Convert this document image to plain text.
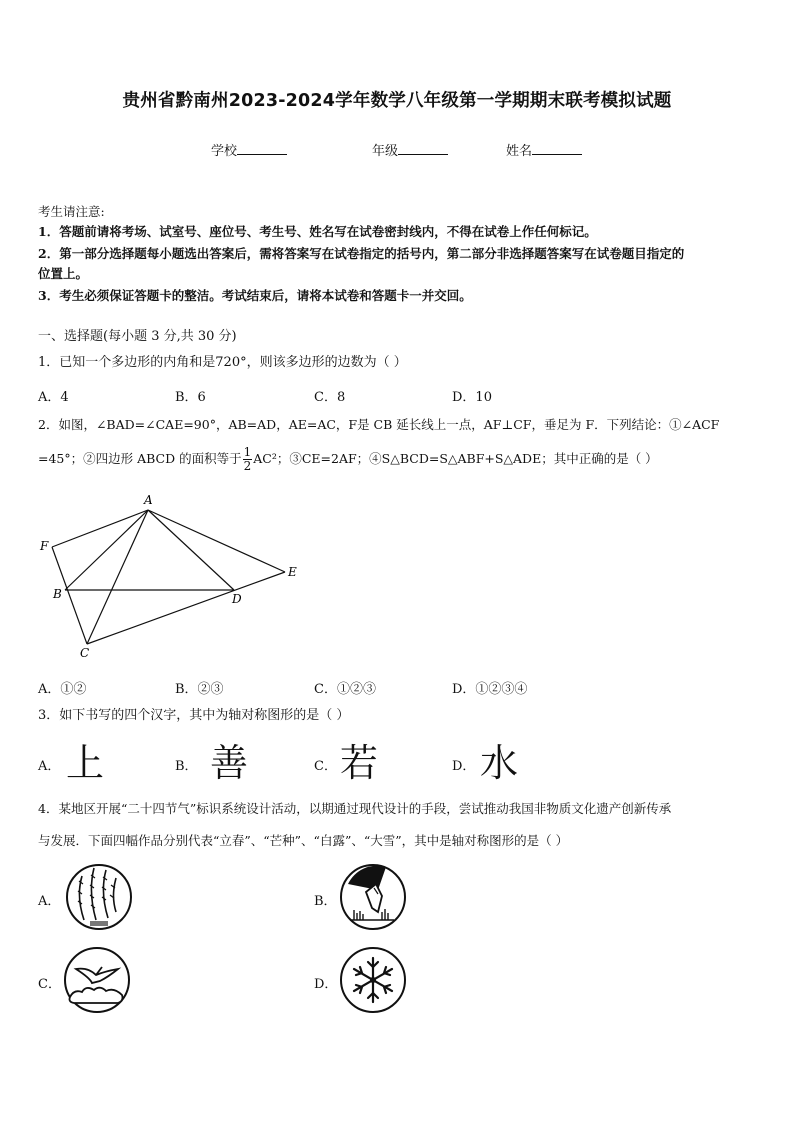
贵州省黔南州2023-2024学年数学八年级第一学期期末联考模拟试题
学校	年级	姓名
考生请注意:
1．答题前请将考场、试室号、座位号、考生号、姓名写在试卷密封线内，不得在试卷上作任何标记。
2．第一部分选择题每小题选出答案后，需将答案写在试卷指定的括号内，第二部分非选择题答案写在试卷题目指定的
位置上。
3．考生必须保证答题卡的整洁。考试结束后，请将本试卷和答题卡一并交回。
一、选择题(每小题 3 分,共 30 分)
1．已知一个多边形的内角和是720°，则该多边形的边数为（ ）
A．4	B．6	C．8	D．10
2．如图，∠BAD=∠CAE=90°，AB=AD，AE=AC，F是 CB 延长线上一点，AF⊥CF，垂足为 F．下列结论：①∠ACF
=45°；②四边形 ABCD 的面积等于 $\frac{1}{2} AC^2$；③CE=2AF；④S△BCD=S△ABF+S△ADE；其中正确的是（ ）
A
F
B	D
E
C
A．①②	B．②③	C．①②③	D．①②③④
3．如下书写的四个汉字，其中为轴对称图形的是（ ）
A． 上	B． 善	C． 若	D． 水
4．某地区开展“二十四节气”标识系统设计活动，以期通过现代设计的手段，尝试推动我国非物质文化遗产创新传承
与发展．下面四幅作品分别代表“立春”、“芒种”、“白露”、“大雪”，其中是轴对称图形的是（ ）
A．	B．
C．	D．
